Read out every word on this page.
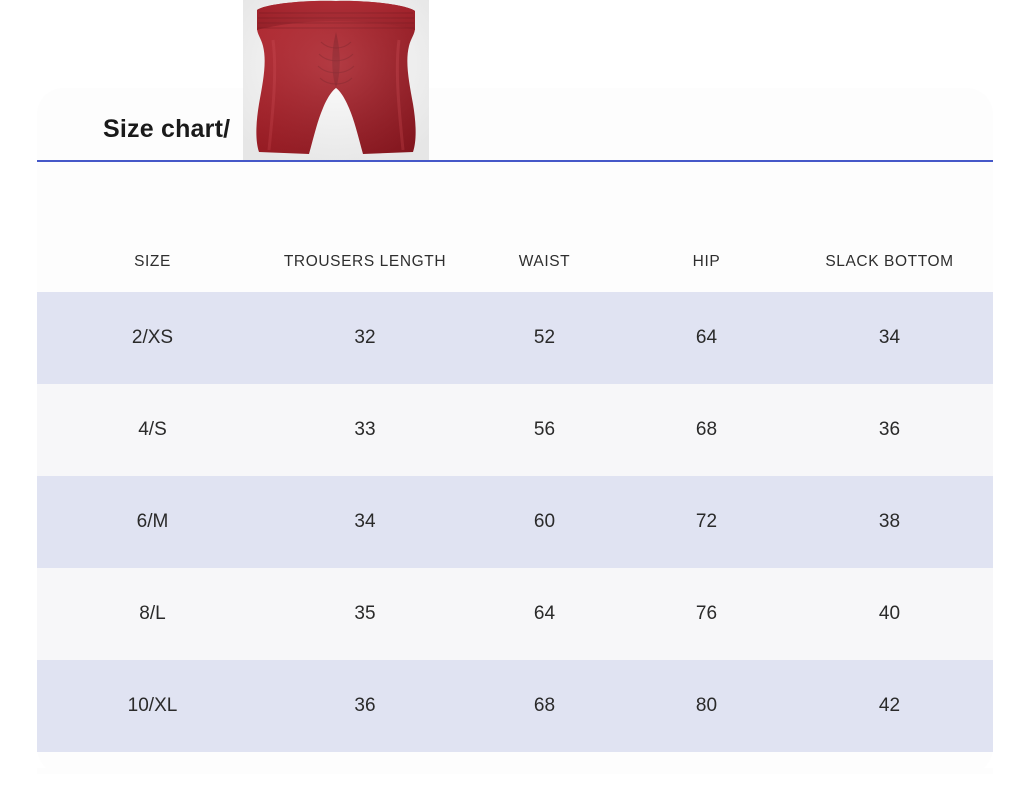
Size chart/
SIZE	TROUSERS LENGTH	WAIST	HIP	SLACK BOTTOM
2/XS	32	52	64	34
4/S	33	56	68	36
6/M	34	60	72	38
8/L	35	64	76	40
10/XL	36	68	80	42
